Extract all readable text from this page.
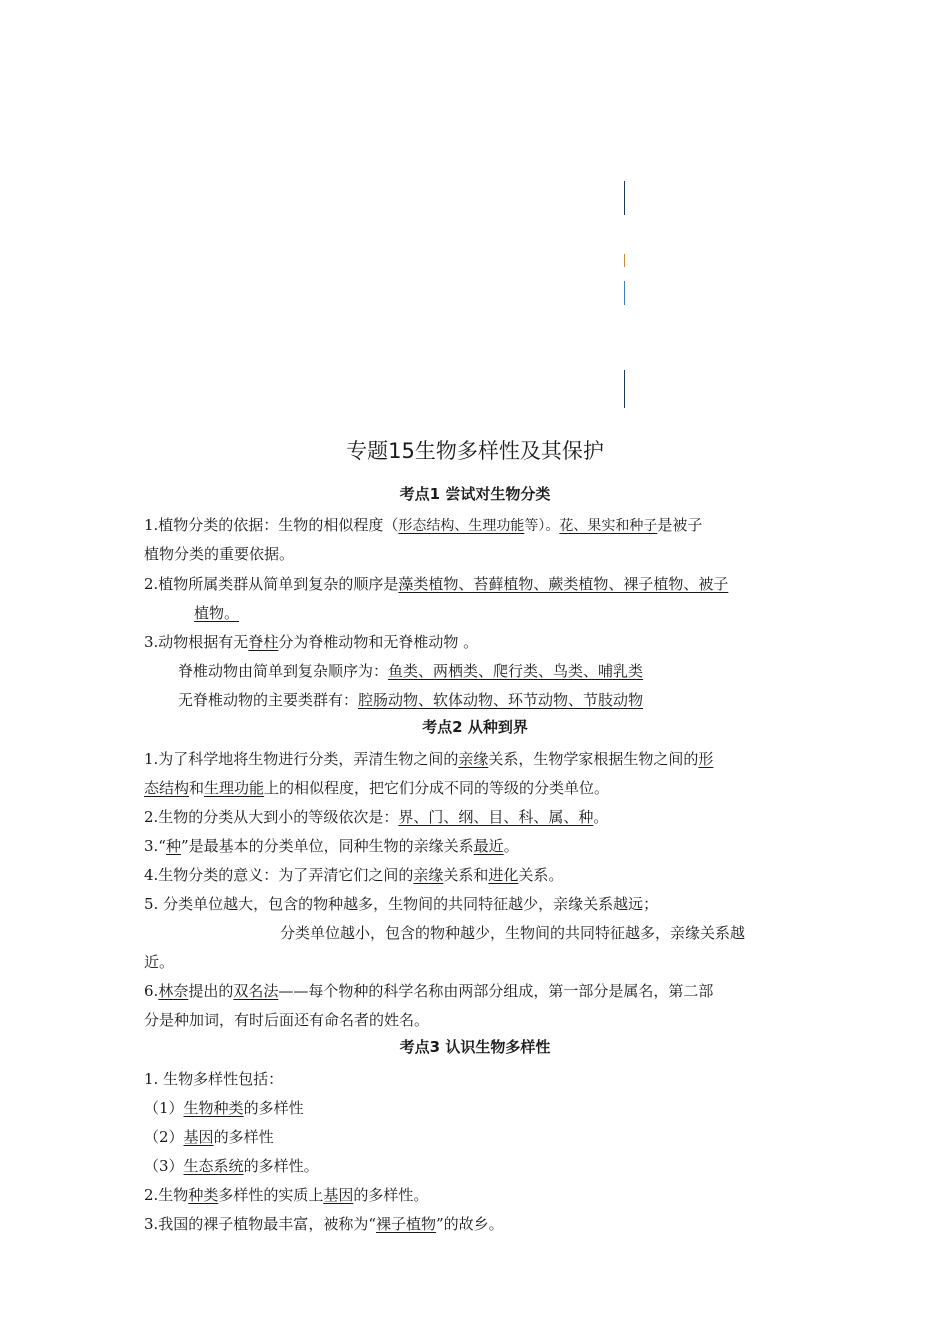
专题15生物多样性及其保护
考点1 尝试对生物分类
1.植物分类的依据：生物的相似程度（形态结构、生理功能等）。花、果实和种子是被子
植物分类的重要依据。
2.植物所属类群从简单到复杂的顺序是藻类植物、苔藓植物、蕨类植物、裸子植物、被子
植物。
3.动物根据有无脊柱分为脊椎动物和无脊椎动物 。
脊椎动物由简单到复杂顺序为：鱼类、两栖类、爬行类、鸟类、哺乳类
无脊椎动物的主要类群有：腔肠动物、软体动物、环节动物、节肢动物
考点2 从种到界
1.为了科学地将生物进行分类，弄清生物之间的亲缘关系，生物学家根据生物之间的形
态结构和生理功能上的相似程度，把它们分成不同的等级的分类单位。
2.生物的分类从大到小的等级依次是：界、门、纲、目、科、属、种。
3.“种”是最基本的分类单位，同种生物的亲缘关系最近。
4.生物分类的意义：为了弄清它们之间的亲缘关系和进化关系。
5. 分类单位越大，包含的物种越多，生物间的共同特征越少，亲缘关系越远；
分类单位越小，包含的物种越少，生物间的共同特征越多，亲缘关系越
近。
6.林奈提出的双名法——每个物种的科学名称由两部分组成，第一部分是属名，第二部
分是种加词，有时后面还有命名者的姓名。
考点3 认识生物多样性
1. 生物多样性包括：
（1）生物种类的多样性
（2）基因的多样性
（3）生态系统的多样性。
2.生物种类多样性的实质上基因的多样性。
3.我国的裸子植物最丰富，被称为“裸子植物”的故乡。
